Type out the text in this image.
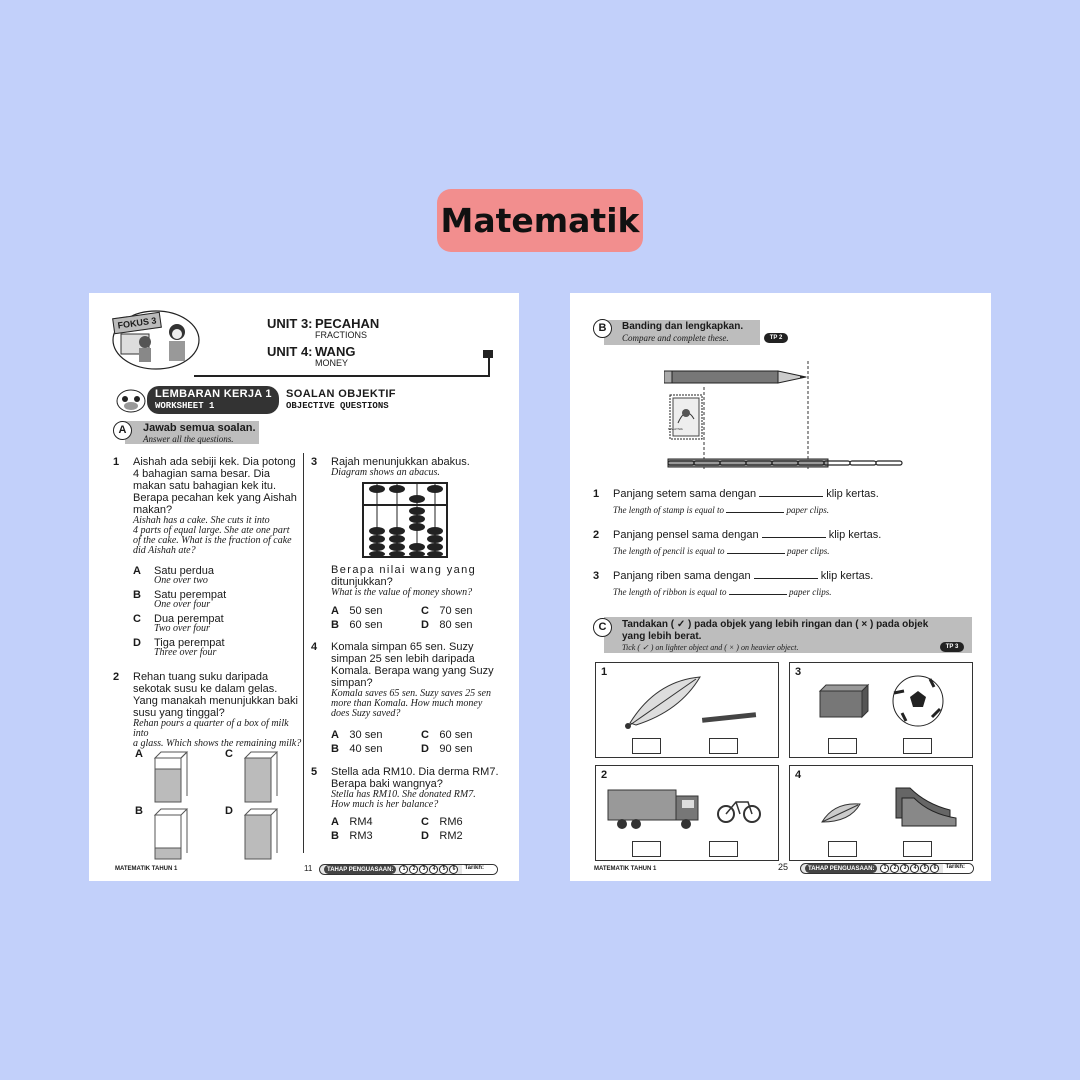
Matematik
FOKUS 3	UNIT 3: PECAHAN
FRACTIONS
UNIT 4: WANG
MONEY
LEMBARAN KERJA 1
WORKSHEET 1
SOALAN OBJEKTIF
OBJECTIVE QUESTIONS
A	Jawab semua soalan.
Answer all the questions.
1 Aishah ada sebiji kek. Dia potong
4 bahagian sama besar. Dia
makan satu bahagian kek itu.
Berapa pecahan kek yang Aishah
makan?
Aishah has a cake. She cuts it into
4 parts of equal large. She ate one part
of the cake. What is the fraction of cake
did Aishah ate?
A Satu perdua
One over two
B Satu perempat
One over four
C Dua perempat
Two over four
D Tiga perempat
Three over four
2 Rehan tuang suku daripada
sekotak susu ke dalam gelas.
Yang manakah menunjukkan baki
susu yang tinggal?
Rehan pours a quarter of a box of milk into
a glass. Which shows the remaining milk?
A
B
C
D
3 Rajah menunjukkan abakus.
Diagram shows an abacus.
Berapa nilai wang yang
ditunjukkan?
What is the value of money shown?
A 50 sen	C 70 sen
B 60 sen	D 80 sen
4 Komala simpan 65 sen. Suzy
simpan 25 sen lebih daripada
Komala. Berapa wang yang Suzy
simpan?
Komala saves 65 sen. Suzy saves 25 sen
more than Komala. How much money
does Suzy saved?
A 30 sen	C 60 sen
B 40 sen	D 90 sen
5 Stella ada RM10. Dia derma RM7.
Berapa baki wangnya?
Stella has RM10. She donated RM7.
How much is her balance?
A RM4	C RM6
B RM3	D RM2
MATEMATIK TAHUN 1	11	TAHAP PENGUASAAN:	1	2	3	4	5	6	Tarikh:
B	Banding dan lengkapkan.
Compare and complete these.	TP 2
MALAYSIA
1 Panjang setem sama dengan	klip kertas.
The length of stamp is equal to	paper clips.
2 Panjang pensel sama dengan	klip kertas.
The length of pencil is equal to	paper clips.
3 Panjang riben sama dengan	klip kertas.
The length of ribbon is equal to	paper clips.
C	Tandakan ( ✓ ) pada objek yang lebih ringan dan ( × ) pada objek
yang lebih berat.
Tick ( ✓ ) on lighter object and ( × ) on heavier object.	TP 3
1	3
2	4
MATEMATIK TAHUN 1	25	TAHAP PENGUASAAN:	1	2	3	4	5	6	Tarikh:
